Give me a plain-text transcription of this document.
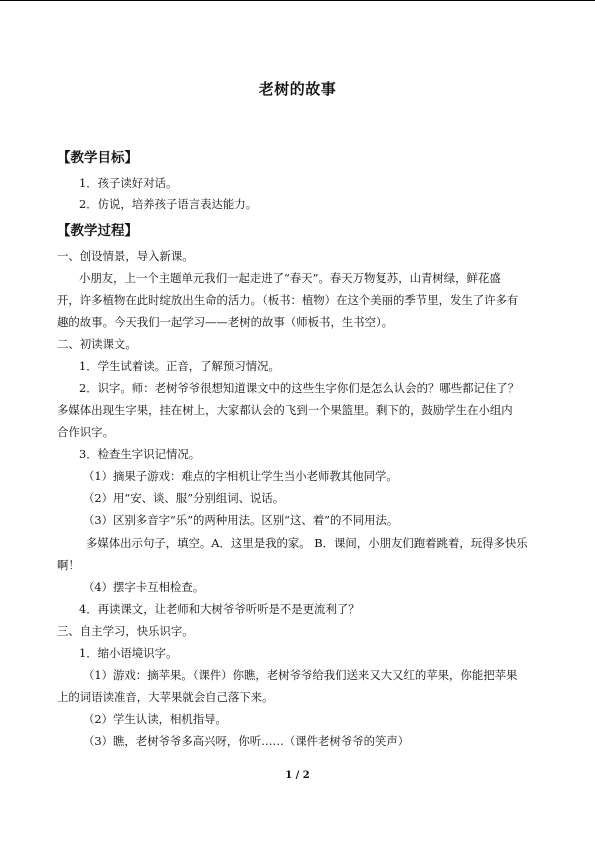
老树的故事
【教学目标】
1．孩子读好对话。
2．仿说，培养孩子语言表达能力。
【教学过程】
一、创设情景，导入新课。
小朋友，上一个主题单元我们一起走进了“春天”。春天万物复苏，山青树绿，鲜花盛
开，许多植物在此时绽放出生命的活力。（板书：植物）在这个美丽的季节里，发生了许多有
趣的故事。今天我们一起学习——老树的故事（师板书，生书空）。
二、初读课文。
1．学生试着读。正音，了解预习情况。
2．识字。师：老树爷爷很想知道课文中的这些生字你们是怎么认会的？哪些都记住了？
多媒体出现生字果，挂在树上，大家都认会的飞到一个果篮里。剩下的，鼓励学生在小组内
合作识字。
3．检查生字识记情况。
（1）摘果子游戏：难点的字相机让学生当小老师教其他同学。
（2）用“安、谈、服”分别组词、说话。
（3）区别多音字“乐”的两种用法。区别“这、着”的不同用法。
多媒体出示句子，填空。A．这里是我的家。 B．课间，小朋友们跑着跳着，玩得多快乐
啊！
（4）摆字卡互相检查。
4．再读课文，让老师和大树爷爷听听是不是更流利了？
三、自主学习，快乐识字。
1．缩小语境识字。
（1）游戏：摘苹果。（课件）你瞧，老树爷爷给我们送来又大又红的苹果，你能把苹果
上的词语读准音，大苹果就会自己落下来。
（2）学生认读，相机指导。
（3）瞧，老树爷爷多高兴呀，你听……（课件老树爷爷的笑声）
1 / 2
